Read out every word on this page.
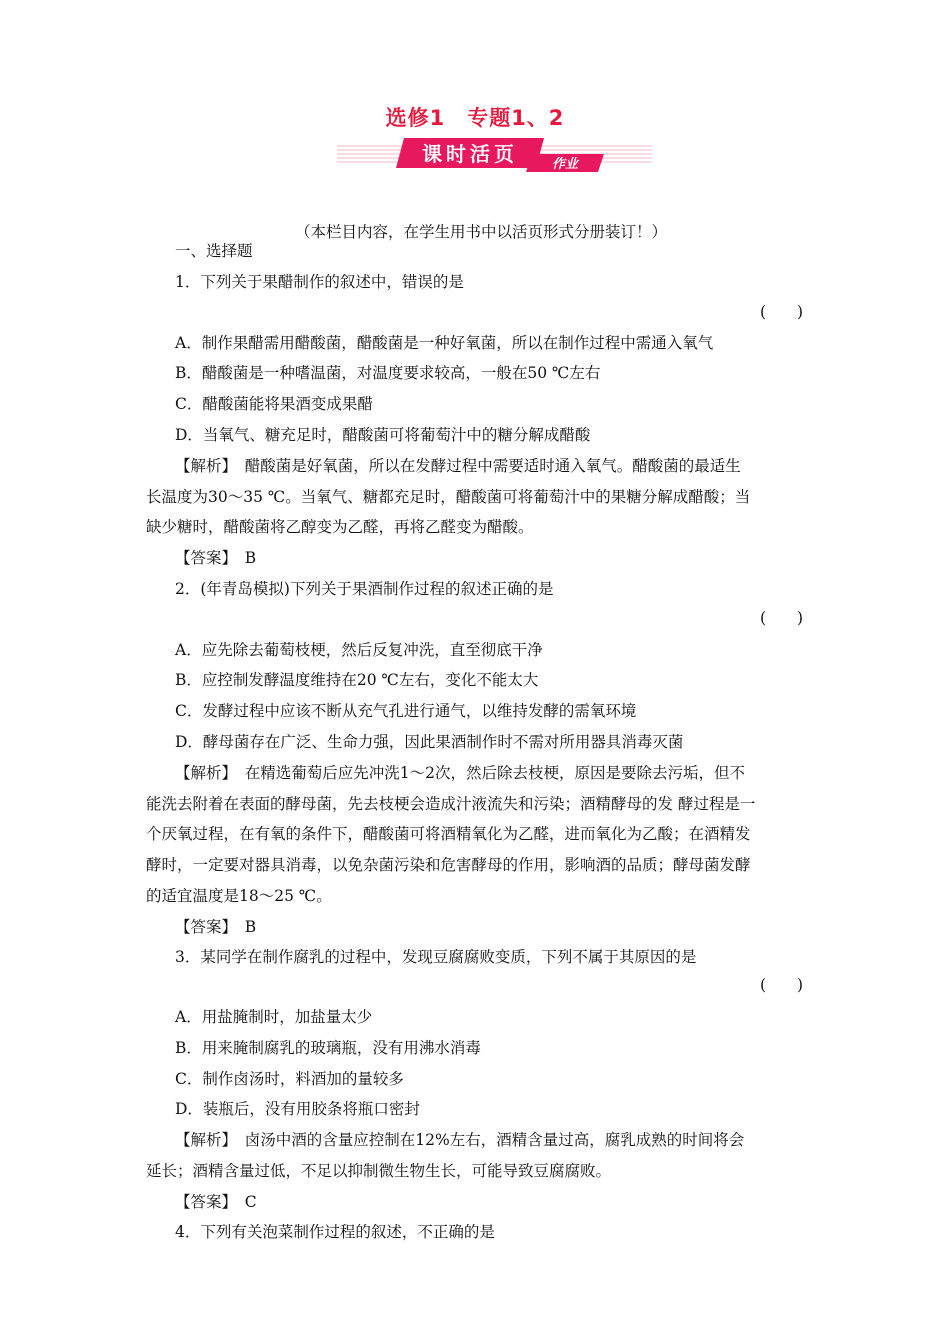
选修1　专题1、2
课时活页	作业
（本栏目内容，在学生用书中以活页形式分册装订！）
一、选择题
1．下列关于果醋制作的叙述中，错误的是
(　　)
A．制作果醋需用醋酸菌，醋酸菌是一种好氧菌，所以在制作过程中需通入氧气
B．醋酸菌是一种嗜温菌，对温度要求较高，一般在50 ℃左右
C．醋酸菌能将果酒变成果醋
D．当氧气、糖充足时，醋酸菌可将葡萄汁中的糖分解成醋酸
【解析】　醋酸菌是好氧菌，所以在发酵过程中需要适时通入氧气。醋酸菌的最适生
长温度为30～35 ℃。当氧气、糖都充足时，醋酸菌可将葡萄汁中的果糖分解成醋酸；当
缺少糖时，醋酸菌将乙醇变为乙醛，再将乙醛变为醋酸。
【答案】　B
2．(年青岛模拟)下列关于果酒制作过程的叙述正确的是
(　　)
A．应先除去葡萄枝梗，然后反复冲洗，直至彻底干净
B．应控制发酵温度维持在20 ℃左右，变化不能太大
C．发酵过程中应该不断从充气孔进行通气，以维持发酵的需氧环境
D．酵母菌存在广泛、生命力强，因此果酒制作时不需对所用器具消毒灭菌
【解析】　在精选葡萄后应先冲洗1～2次，然后除去枝梗，原因是要除去污垢，但不
能洗去附着在表面的酵母菌，先去枝梗会造成汁液流失和污染；酒精酵母的发 酵过程是一
个厌氧过程，在有氧的条件下，醋酸菌可将酒精氧化为乙醛，进而氧化为乙酸；在酒精发
酵时，一定要对器具消毒，以免杂菌污染和危害酵母的作用，影响酒的品质；酵母菌发酵
的适宜温度是18～25 ℃。
【答案】　B
3．某同学在制作腐乳的过程中，发现豆腐腐败变质，下列不属于其原因的是
(　　)
A．用盐腌制时，加盐量太少
B．用来腌制腐乳的玻璃瓶，没有用沸水消毒
C．制作卤汤时，料酒加的量较多
D．装瓶后，没有用胶条将瓶口密封
【解析】　卤汤中酒的含量应控制在12%左右，酒精含量过高，腐乳成熟的时间将会
延长；酒精含量过低，不足以抑制微生物生长，可能导致豆腐腐败。
【答案】　C
4．下列有关泡菜制作过程的叙述，不正确的是
